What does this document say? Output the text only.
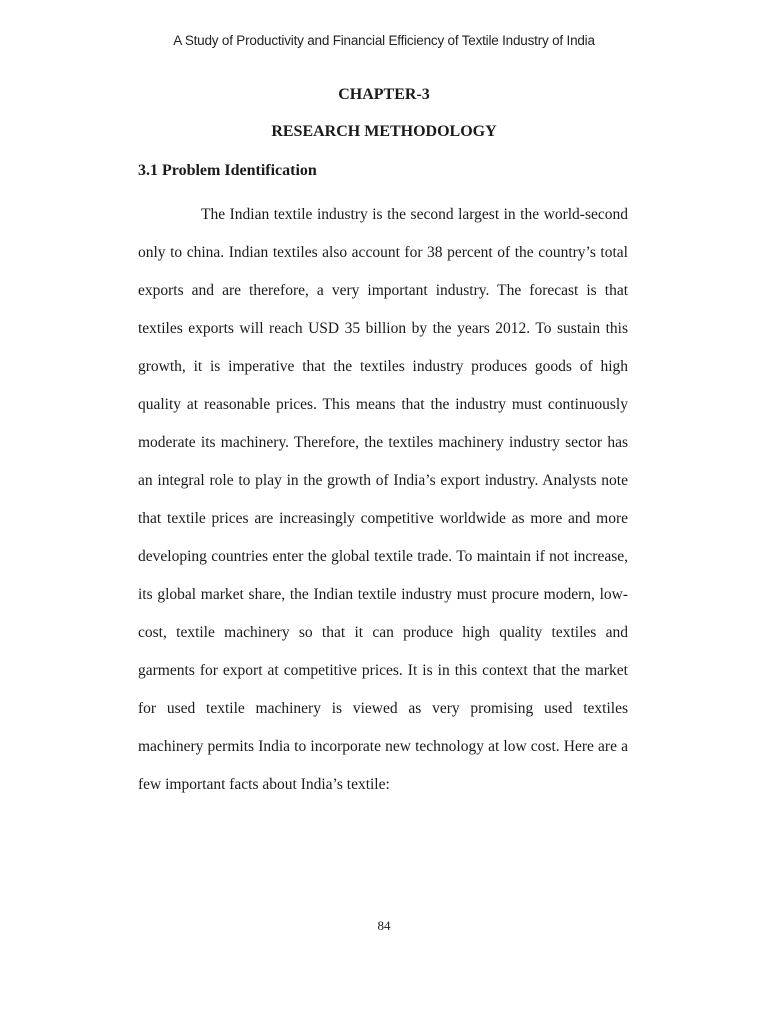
A Study of Productivity and Financial Efficiency of Textile Industry of India
CHAPTER-3
RESEARCH METHODOLOGY
3.1 Problem Identification

The Indian textile industry is the second largest in the world-second only to china. Indian textiles also account for 38 percent of the country’s total exports and are therefore, a very important industry. The forecast is that textiles exports will reach USD 35 billion by the years 2012. To sustain this growth, it is imperative that the textiles industry produces goods of high quality at reasonable prices. This means that the industry must continuously moderate its machinery. Therefore, the textiles machinery industry sector has an integral role to play in the growth of India’s export industry. Analysts note that textile prices are increasingly competitive worldwide as more and more developing countries enter the global textile trade. To maintain if not increase, its global market share, the Indian textile industry must procure modern, low-cost, textile machinery so that it can produce high quality textiles and garments for export at competitive prices. It is in this context that the market for used textile machinery is viewed as very promising used textiles machinery permits India to incorporate new technology at low cost. Here are a few important facts about India’s textile:

84
